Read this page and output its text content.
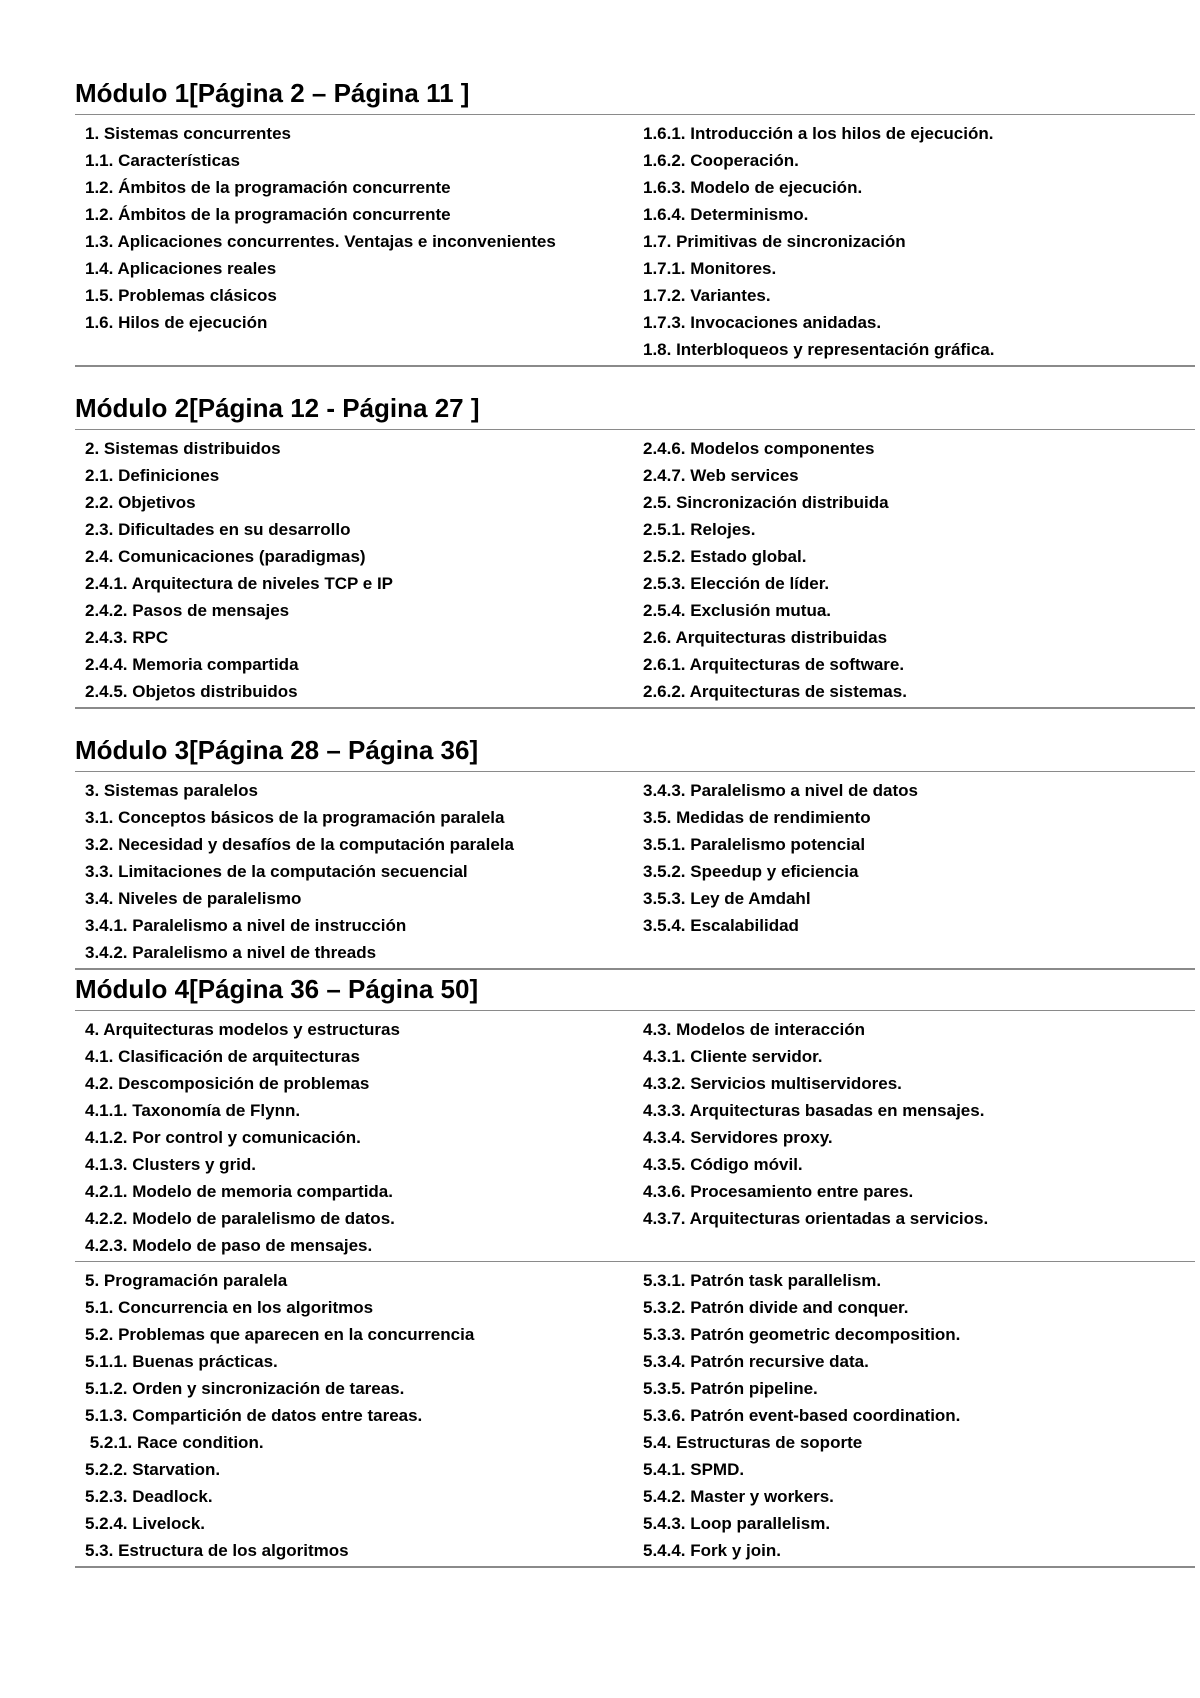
Módulo 1[Página 2 – Página 11 ]
1. Sistemas concurrentes
1.1. Características
1.2. Ámbitos de la programación concurrente
1.2. Ámbitos de la programación concurrente
1.3. Aplicaciones concurrentes. Ventajas e inconvenientes
1.4. Aplicaciones reales
1.5. Problemas clásicos
1.6. Hilos de ejecución
1.6.1. Introducción a los hilos de ejecución.
1.6.2. Cooperación.
1.6.3. Modelo de ejecución.
1.6.4. Determinismo.
1.7. Primitivas de sincronización
1.7.1. Monitores.
1.7.2. Variantes.
1.7.3. Invocaciones anidadas.
1.8. Interbloqueos y representación gráfica.
Módulo 2[Página 12 - Página 27 ]
2. Sistemas distribuidos
2.1. Definiciones
2.2. Objetivos
2.3. Dificultades en su desarrollo
2.4. Comunicaciones (paradigmas)
2.4.1. Arquitectura de niveles TCP e IP
2.4.2. Pasos de mensajes
2.4.3. RPC
2.4.4. Memoria compartida
2.4.5. Objetos distribuidos
2.4.6. Modelos componentes
2.4.7. Web services
2.5. Sincronización distribuida
2.5.1. Relojes.
2.5.2. Estado global.
2.5.3. Elección de líder.
2.5.4. Exclusión mutua.
2.6. Arquitecturas distribuidas
2.6.1. Arquitecturas de software.
2.6.2. Arquitecturas de sistemas.
Módulo 3[Página 28 – Página 36]
3. Sistemas paralelos
3.1. Conceptos básicos de la programación paralela
3.2. Necesidad y desafíos de la computación paralela
3.3. Limitaciones de la computación secuencial
3.4. Niveles de paralelismo
3.4.1. Paralelismo a nivel de instrucción
3.4.2. Paralelismo a nivel de threads
3.4.3. Paralelismo a nivel de datos
3.5. Medidas de rendimiento
3.5.1. Paralelismo potencial
3.5.2. Speedup y eficiencia
3.5.3. Ley de Amdahl
3.5.4. Escalabilidad
Módulo 4[Página 36 – Página 50]
4. Arquitecturas modelos y estructuras
4.1. Clasificación de arquitecturas
4.2. Descomposición de problemas
4.1.1. Taxonomía de Flynn.
4.1.2. Por control y comunicación.
4.1.3. Clusters y grid.
4.2.1. Modelo de memoria compartida.
4.2.2. Modelo de paralelismo de datos.
4.2.3. Modelo de paso de mensajes.
4.3. Modelos de interacción
4.3.1. Cliente servidor.
4.3.2. Servicios multiservidores.
4.3.3. Arquitecturas basadas en mensajes.
4.3.4. Servidores proxy.
4.3.5. Código móvil.
4.3.6. Procesamiento entre pares.
4.3.7. Arquitecturas orientadas a servicios.
5. Programación paralela
5.1. Concurrencia en los algoritmos
5.2. Problemas que aparecen en la concurrencia
5.1.1. Buenas prácticas.
5.1.2. Orden y sincronización de tareas.
5.1.3. Compartición de datos entre tareas.
5.2.1. Race condition.
5.2.2. Starvation.
5.2.3. Deadlock.
5.2.4. Livelock.
5.3. Estructura de los algoritmos
5.3.1. Patrón task parallelism.
5.3.2. Patrón divide and conquer.
5.3.3. Patrón geometric decomposition.
5.3.4. Patrón recursive data.
5.3.5. Patrón pipeline.
5.3.6. Patrón event-based coordination.
5.4. Estructuras de soporte
5.4.1. SPMD.
5.4.2. Master y workers.
5.4.3. Loop parallelism.
5.4.4. Fork y join.
